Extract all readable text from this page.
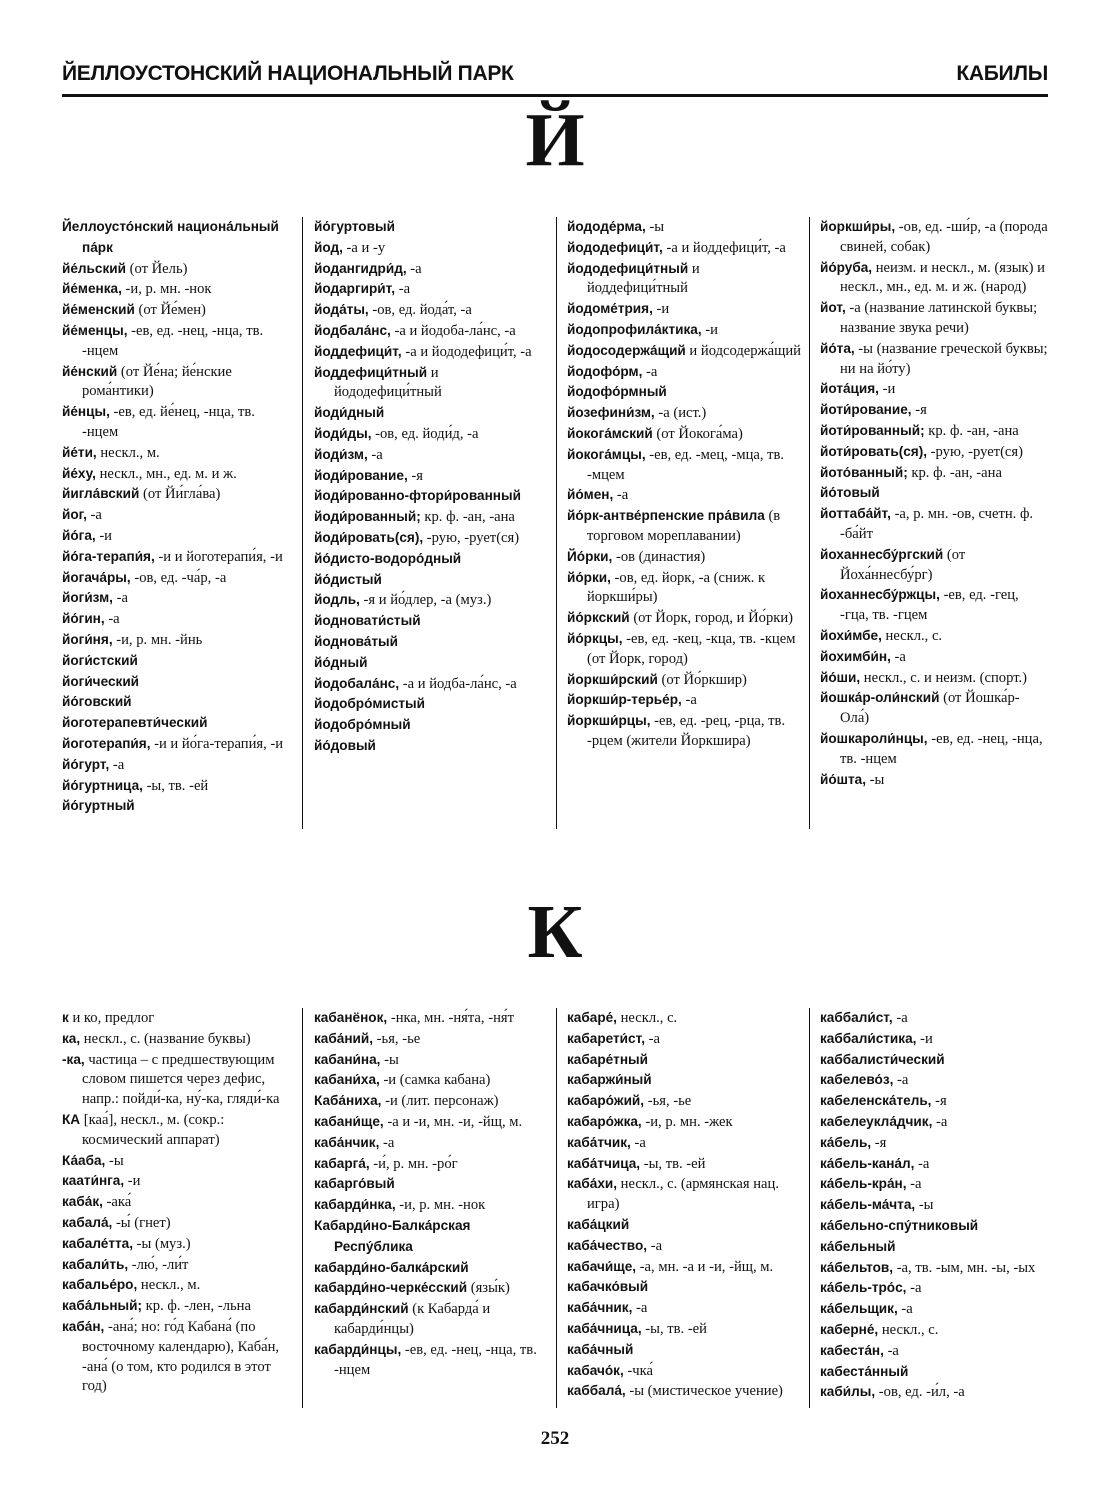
ЙЕЛЛОУСТОНСКИЙ НАЦИОНАЛЬНЫЙ ПАРК	КАБИЛЫ
Й
Йеллоусто́нский национа́льный па́рк
йе́льский (от Йель)
йе́менка, -и, р. мн. -нок
йе́менский (от Йе́мен)
йе́менцы, -ев, ед. -нец, -нца, тв. -нцем
йе́нский (от Йе́на; йе́нские рома́нтики)
йе́нцы, -ев, ед. йе́нец, -нца, тв. -нцем
йе́ти, нескл., м.
йе́ху, нескл., мн., ед. м. и ж.
йигла́вский (от Йи́гла́ва)
йог, -а
йо́га, -и
йо́га-терапи́я, -и и йоготерапи́я, -и
йогача́ры, -ов, ед. -ча́р, -а
йоги́зм, -а
йо́гин, -а
йоги́ня, -и, р. мн. -йнь
йоги́стский
йоги́ческий
йо́говский
йоготерапевти́ческий
йоготерапи́я, -и и йо́га-терапи́я, -и
йо́гурт, -а
йо́гуртница, -ы, тв. -ей
йо́гуртный
йо́гуртовый
йод, -а и -у
йодангидри́д, -а
йодаргири́т, -а
йода́ты, -ов, ед. йода́т, -а
йодбала́нс, -а и йодоба-ла́нс, -а
йоддефици́т, -а и йододефици́т, -а
йоддефици́тный и йододефици́тный
йоди́дный
йоди́ды, -ов, ед. йоди́д, -а
йоди́зм, -а
йоди́рование, -я
йоди́рованно-фтори́рованный
йоди́рованный; кр. ф. -ан, -ана
йоди́ровать(ся), -рую, -рует(ся)
йо́дисто-водоро́дный
йо́дистый
йодль, -я и йо́длер, -а (муз.)
йодновати́стый
йоднова́тый
йо́дный
йодобала́нс, -а и йодба-ла́нс, -а
йодобро́мистый
йодобро́мный
йо́довый
йододе́рма, -ы
йододефици́т, -а и йоддефици́т, -а
йододефици́тный и йоддефици́тный
йодоме́трия, -и
йодопрофила́ктика, -и
йодосодержа́щий и йодсодержа́щий
йодофо́рм, -а
йодофо́рмный
йозефини́зм, -а (ист.)
йокога́мский (от Йокога́ма)
йокога́мцы, -ев, ед. -мец, -мца, тв. -мцем
йо́мен, -а
йо́рк-антве́рпенские пра́вила (в торговом мореплавании)
Йо́рки, -ов (династия)
йо́рки, -ов, ед. йорк, -а (сниж. к йоркши́ры)
йо́ркский (от Йорк, город, и Йо́рки)
йо́ркцы, -ев, ед. -кец, -кца, тв. -кцем (от Йорк, город)
йоркши́рский (от Йо́ркшир)
йоркши́р-терье́р, -а
йоркши́рцы, -ев, ед. -рец, -рца, тв. -рцем (жители Йоркшира)
йоркши́ры, -ов, ед. -ши́р, -а (порода свиней, собак)
йо́руба, неизм. и нескл., м. (язык) и нескл., мн., ед. м. и ж. (народ)
йот, -а (название латинской буквы; название звука речи)
йо́та, -ы (название греческой буквы; ни на йо́ту)
йота́ция, -и
йоти́рование, -я
йоти́рованный; кр. ф. -ан, -ана
йоти́ровать(ся), -рую, -рует(ся)
йото́ванный; кр. ф. -ан, -ана
йо́товый
йоттаба́йт, -а, р. мн. -ов, счетн. ф. -ба́йт
йоханнесбу́ргский (от Йоха́ннесбу́рг)
йоханнесбу́ржцы, -ев, ед. -гец, -гца, тв. -гцем
йохи́мбе, нескл., с.
йохимби́н, -а
йо́ши, нескл., с. и неизм. (спорт.)
йошка́р-оли́нский (от Йошка́р-Ола́)
йошкароли́нцы, -ев, ед. -нец, -нца, тв. -нцем
йо́шта, -ы
К
к и ко, предлог
ка, нескл., с. (название буквы)
-ка, частица – с предшествующим словом пишется через дефис, напр.: пойди́-ка, ну́-ка, гляди́-ка
КА [каа́], нескл., м. (сокр.: космический аппарат)
Ка́аба, -ы
каати́нга, -и
каба́к, -ака́
кабала́, -ы́ (гнет)
кабале́тта, -ы (муз.)
кабали́ть, -лю́, -ли́т
кабалье́ро, нескл., м.
каба́льный; кр. ф. -лен, -льна
каба́н, -ана́; но: го́д Кабана́ (по восточному календарю), Каба́н, -ана́ (о том, кто родился в этот год)
кабанёнок, -нка, мн. -ня́та, -ня́т
каба́ний, -ья, -ье
кабани́на, -ы
кабани́ха, -и (самка кабана)
Каба́ниха, -и (лит. персонаж)
кабани́ще, -а и -и, мн. -и, -йщ, м.
каба́нчик, -а
кабарга́, -и́, р. мн. -ро́г
кабарго́вый
кабарди́нка, -и, р. мн. -нок
Кабарди́но-Балка́рская Респу́блика
кабарди́но-балка́рский
кабарди́но-черке́сский (язы́к)
кабарди́нский (к Кабарда́ и кабарди́нцы)
кабарди́нцы, -ев, ед. -нец, -нца, тв. -нцем
кабаре́, нескл., с.
кабарети́ст, -а
кабаре́тный
кабаржи́ный
кабаро́жий, -ья, -ье
кабаро́жка, -и, р. мн. -жек
каба́тчик, -а
каба́тчица, -ы, тв. -ей
каба́хи, нескл., с. (армянская нац. игра)
каба́цкий
каба́чество, -а
кабачи́ще, -а, мн. -а и -и, -йщ, м.
кабачко́вый
каба́чник, -а
каба́чница, -ы, тв. -ей
каба́чный
кабачо́к, -чка́
каббала́, -ы (мистическое учение)
каббали́ст, -а
каббали́стика, -и
каббалисти́ческий
кабелево́з, -а
кабеленска́тель, -я
кабелеукла́дчик, -а
ка́бель, -я
ка́бель-кана́л, -а
ка́бель-кра́н, -а
ка́бель-ма́чта, -ы
ка́бельно-спу́тниковый
ка́бельный
ка́бельтов, -а, тв. -ым, мн. -ы, -ых
ка́бель-тро́с, -а
ка́бельщик, -а
каберне́, нескл., с.
кабеста́н, -а
кабеста́нный
каби́лы, -ов, ед. -и́л, -а
252
